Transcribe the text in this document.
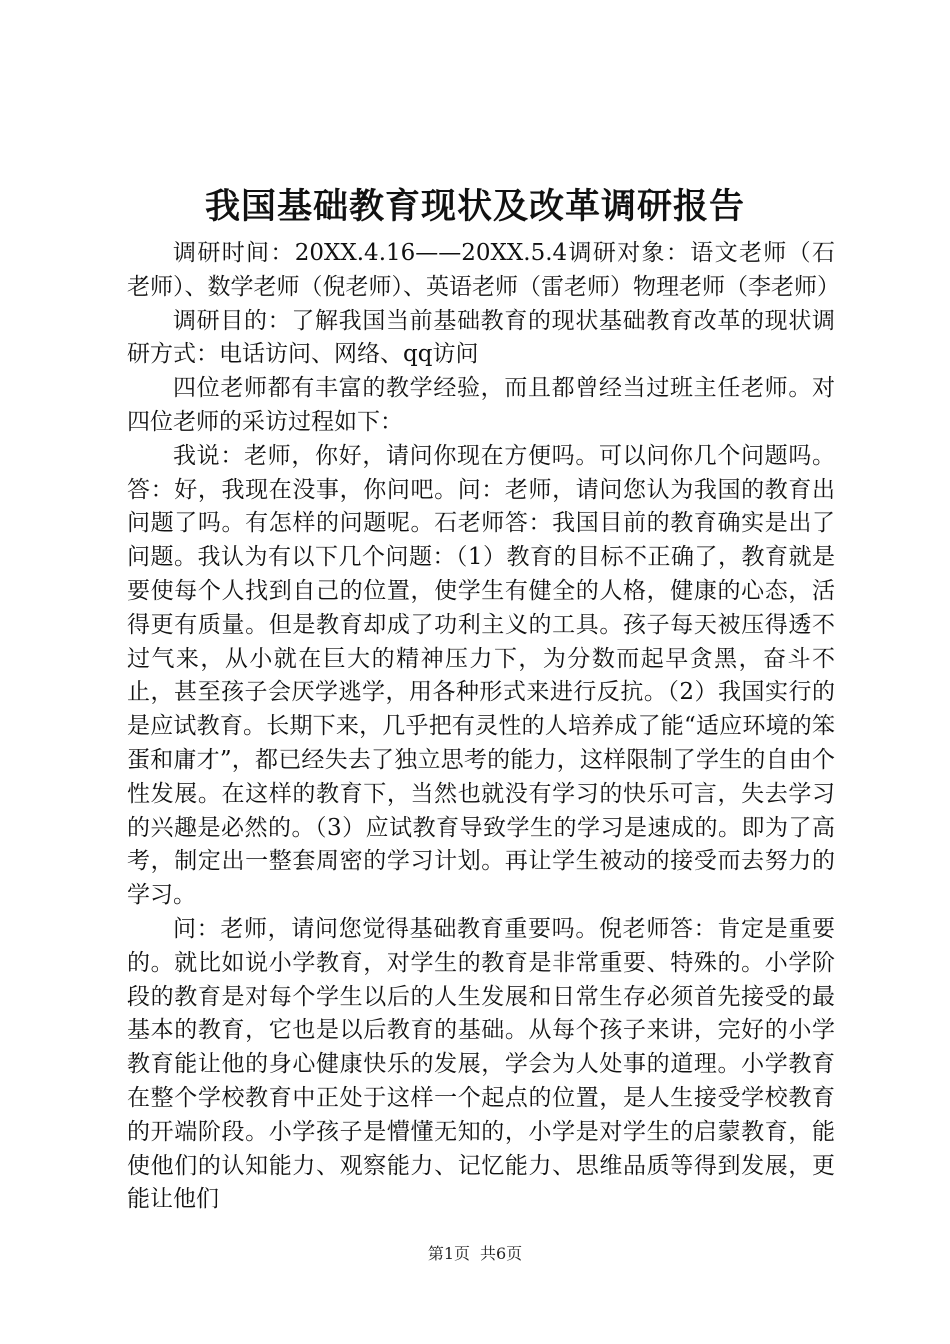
我国基础教育现状及改革调研报告

调研时间：20XX.4.16——20XX.5.4调研对象：语文老师（石老师）、数学老师（倪老师）、英语老师（雷老师）物理老师（李老师）

调研目的：了解我国当前基础教育的现状基础教育改革的现状调研方式：电话访问、网络、qq访问

四位老师都有丰富的教学经验，而且都曾经当过班主任老师。对四位老师的采访过程如下：

我说：老师，你好，请问你现在方便吗。可以问你几个问题吗。答：好，我现在没事，你问吧。问：老师，请问您认为我国的教育出问题了吗。有怎样的问题呢。石老师答：我国目前的教育确实是出了问题。我认为有以下几个问题：（1）教育的目标不正确了，教育就是要使每个人找到自己的位置，使学生有健全的人格，健康的心态，活得更有质量。但是教育却成了功利主义的工具。孩子每天被压得透不过气来，从小就在巨大的精神压力下，为分数而起早贪黑，奋斗不止，甚至孩子会厌学逃学，用各种形式来进行反抗。（2）我国实行的是应试教育。长期下来，几乎把有灵性的人培养成了能“适应环境的笨蛋和庸才”，都已经失去了独立思考的能力，这样限制了学生的自由个性发展。在这样的教育下，当然也就没有学习的快乐可言，失去学习的兴趣是必然的。（3）应试教育导致学生的学习是速成的。即为了高考，制定出一整套周密的学习计划。再让学生被动的接受而去努力的学习。

问：老师，请问您觉得基础教育重要吗。倪老师答：肯定是重要的。就比如说小学教育，对学生的教育是非常重要、特殊的。小学阶段的教育是对每个学生以后的人生发展和日常生存必须首先接受的最基本的教育，它也是以后教育的基础。从每个孩子来讲，完好的小学教育能让他的身心健康快乐的发展，学会为人处事的道理。小学教育在整个学校教育中正处于这样一个起点的位置，是人生接受学校教育的开端阶段。小学孩子是懵懂无知的，小学是对学生的启蒙教育，能使他们的认知能力、观察能力、记忆能力、思维品质等得到发展，更能让他们

第1页 共6页
